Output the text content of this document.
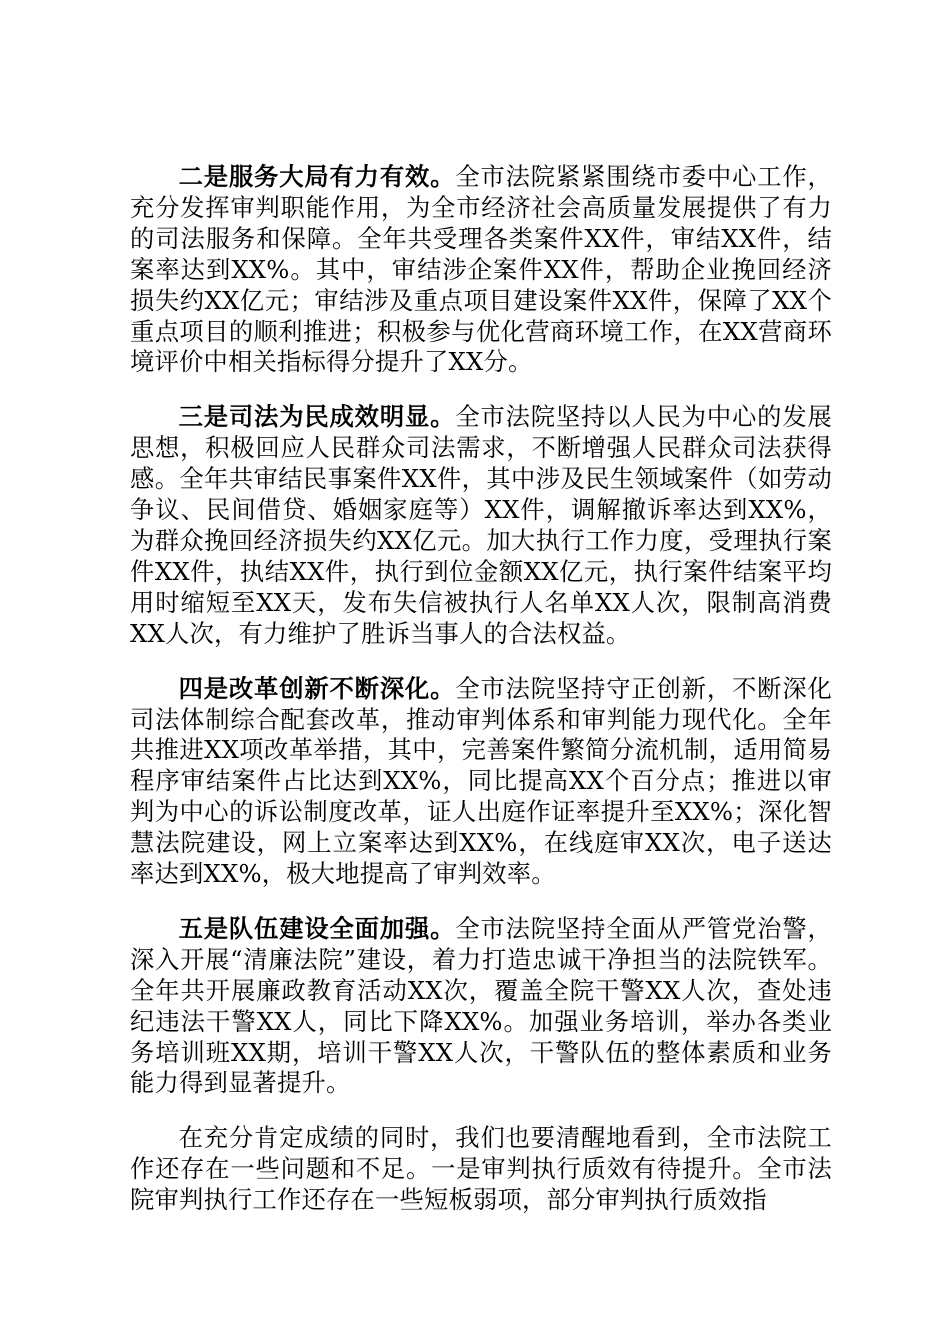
二是服务大局有力有效。全市法院紧紧围绕市委中心工作，充分发挥审判职能作用，为全市经济社会高质量发展提供了有力的司法服务和保障。全年共受理各类案件XX件，审结XX件，结案率达到XX%。其中，审结涉企案件XX件，帮助企业挽回经济损失约XX亿元；审结涉及重点项目建设案件XX件，保障了XX个重点项目的顺利推进；积极参与优化营商环境工作，在XX营商环境评价中相关指标得分提升了XX分。

三是司法为民成效明显。全市法院坚持以人民为中心的发展思想，积极回应人民群众司法需求，不断增强人民群众司法获得感。全年共审结民事案件XX件，其中涉及民生领域案件（如劳动争议、民间借贷、婚姻家庭等）XX件，调解撤诉率达到XX%，为群众挽回经济损失约XX亿元。加大执行工作力度，受理执行案件XX件，执结XX件，执行到位金额XX亿元，执行案件结案平均用时缩短至XX天，发布失信被执行人名单XX人次，限制高消费XX人次，有力维护了胜诉当事人的合法权益。

四是改革创新不断深化。全市法院坚持守正创新，不断深化司法体制综合配套改革，推动审判体系和审判能力现代化。全年共推进XX项改革举措，其中，完善案件繁简分流机制，适用简易程序审结案件占比达到XX%，同比提高XX个百分点；推进以审判为中心的诉讼制度改革，证人出庭作证率提升至XX%；深化智慧法院建设，网上立案率达到XX%，在线庭审XX次，电子送达率达到XX%，极大地提高了审判效率。

五是队伍建设全面加强。全市法院坚持全面从严管党治警，深入开展“清廉法院”建设，着力打造忠诚干净担当的法院铁军。全年共开展廉政教育活动XX次，覆盖全院干警XX人次，查处违纪违法干警XX人，同比下降XX%。加强业务培训，举办各类业务培训班XX期，培训干警XX人次，干警队伍的整体素质和业务能力得到显著提升。

在充分肯定成绩的同时，我们也要清醒地看到，全市法院工作还存在一些问题和不足。一是审判执行质效有待提升。全市法院审判执行工作还存在一些短板弱项，部分审判执行质效指
